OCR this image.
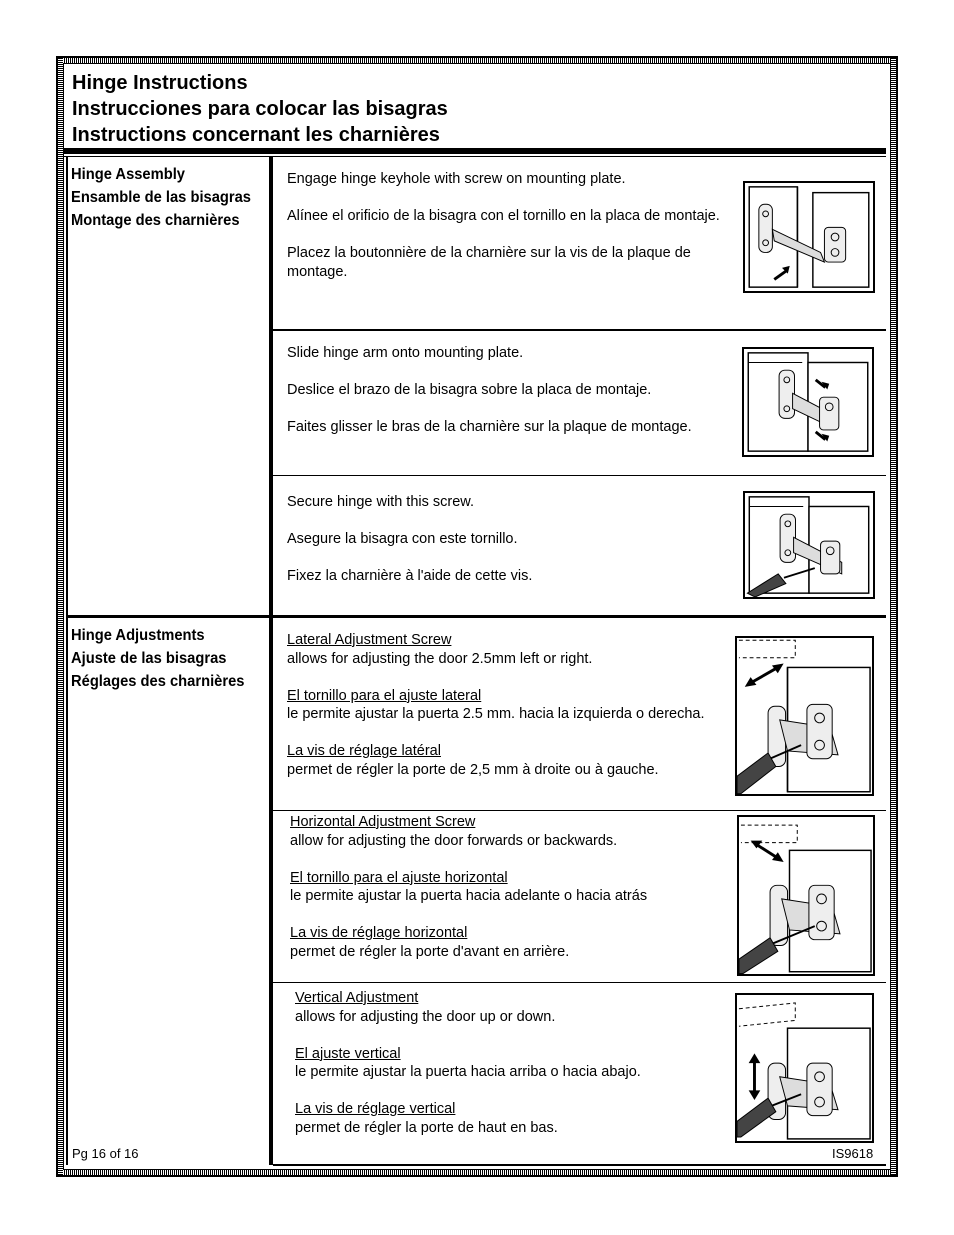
Hinge Instructions
Instrucciones para colocar las bisagras
Instructions concernant les charnières
Hinge Assembly
Ensamble de las bisagras
Montage des charnières

Engage hinge keyhole with screw on mounting plate.

Alínee el orificio de la bisagra con el tornillo en la placa de montaje.

Placez la boutonnière de la charnière sur la vis de la plaque de montage.

Slide hinge arm onto mounting plate.

Deslice el brazo de la bisagra sobre la placa de montaje.

Faites glisser le bras de la charnière sur la plaque de montage.

Secure hinge with this screw.

Asegure la bisagra con este tornillo.

Fixez la charnière à l'aide de cette vis.

Hinge Adjustments
Ajuste de las bisagras
Réglages des charnières

Lateral Adjustment Screw
allows for adjusting the door 2.5mm left or right.

El tornillo para el ajuste lateral
le permite ajustar la puerta 2.5 mm. hacia la izquierda o derecha.

La vis de réglage latéral
permet de régler la porte de 2,5 mm à droite ou à gauche.

Horizontal Adjustment Screw
allow for adjusting the door forwards or backwards.

El tornillo para el ajuste horizontal
le permite ajustar la puerta hacia adelante o hacia atrás

La vis de réglage horizontal
permet de régler la porte d'avant en arrière.

Vertical Adjustment
allows for adjusting the door up or down.

El ajuste vertical
le permite ajustar la puerta hacia arriba o hacia abajo.

La vis de réglage vertical
permet de régler la porte de haut en bas.

Pg 16 of 16	IS9618
